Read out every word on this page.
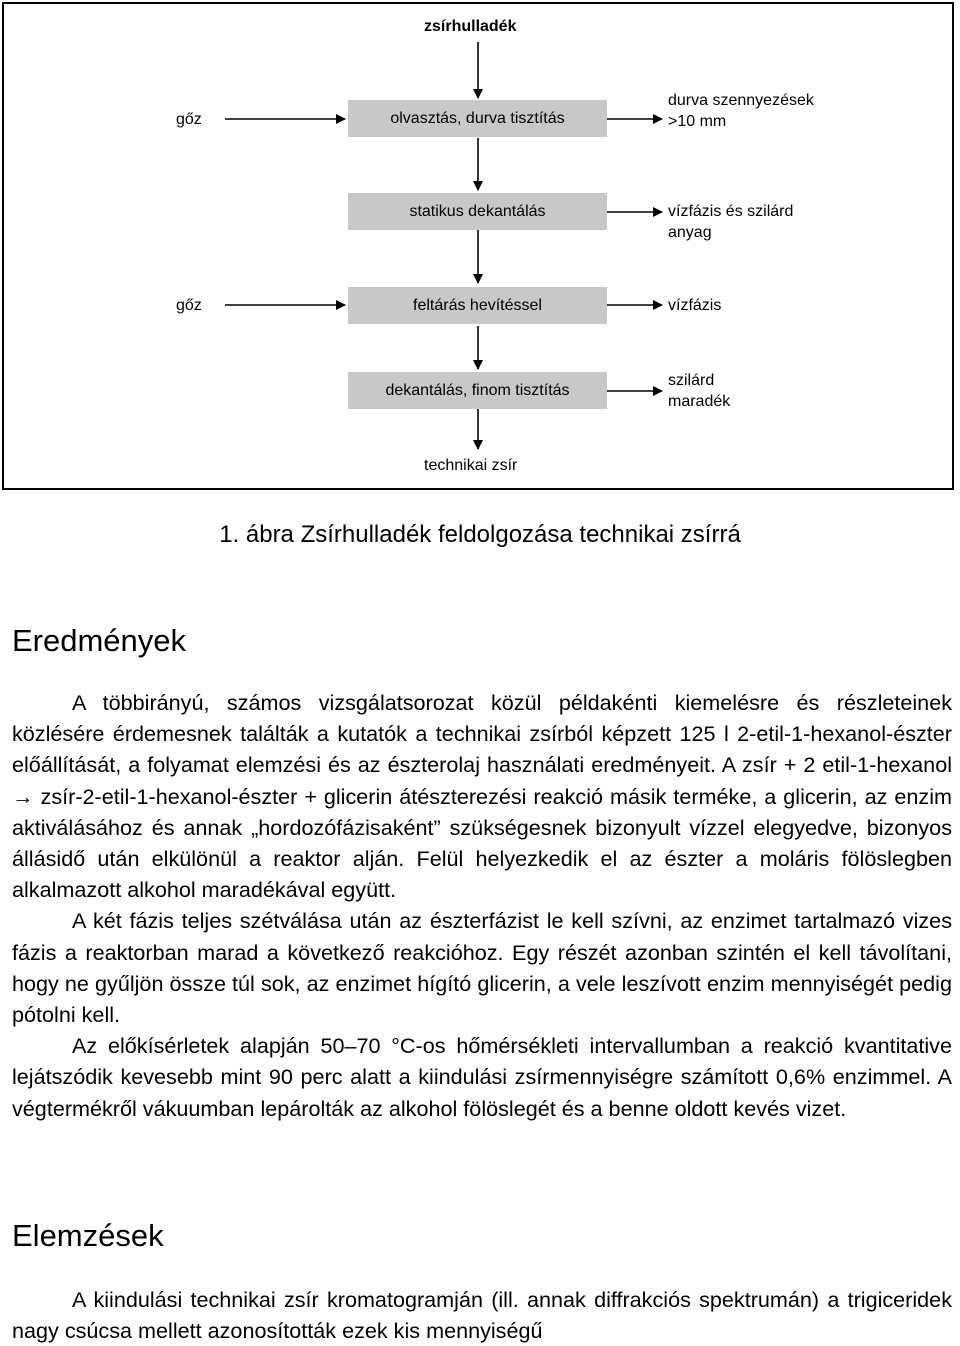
zsírhulladék
olvasztás, durva tisztítás
statikus dekantálás
feltárás hevítéssel
dekantálás, finom tisztítás
gőz
gőz
durva szennyezések
>10 mm
vízfázis és szilárd
anyag
vízfázis
szilárd
maradék
technikai zsír
1. ábra Zsírhulladék feldolgozása technikai zsírrá
Eredmények

A többirányú, számos vizsgálatsorozat közül példakénti kiemelésre és részleteinek közlésére érdemesnek találták a kutatók a technikai zsírból képzett 125 l 2-etil-1-hexanol-észter előállítását, a folyamat elemzési és az észterolaj használati eredményeit. A zsír + 2 etil-1-hexanol → zsír-2-etil-1-hexanol-észter + glicerin átészterezési reakció másik terméke, a glicerin, az enzim aktiválásához és annak „hordozófázisaként” szükségesnek bizonyult vízzel elegyedve, bizonyos állásidő után elkülönül a reaktor alján. Felül helyezkedik el az észter a moláris fölöslegben alkalmazott alkohol maradékával együtt.

A két fázis teljes szétválása után az észterfázist le kell szívni, az enzimet tartalmazó vizes fázis a reaktorban marad a következő reakcióhoz. Egy részét azonban szintén el kell távolítani, hogy ne gyűljön össze túl sok, az enzimet hígító glicerin, a vele leszívott enzim mennyiségét pedig pótolni kell.

Az előkísérletek alapján 50–70 °C-os hőmérsékleti intervallumban a reakció kvantitative lejátszódik kevesebb mint 90 perc alatt a kiindulási zsírmennyiségre számított 0,6% enzimmel. A végtermékről vákuumban lepárolták az alkohol fölöslegét és a benne oldott kevés vizet.

Elemzések

A kiindulási technikai zsír kromatogramján (ill. annak diffrakciós spektrumán) a trigiceridek nagy csúcsa mellett azonosították ezek kis mennyiségű
